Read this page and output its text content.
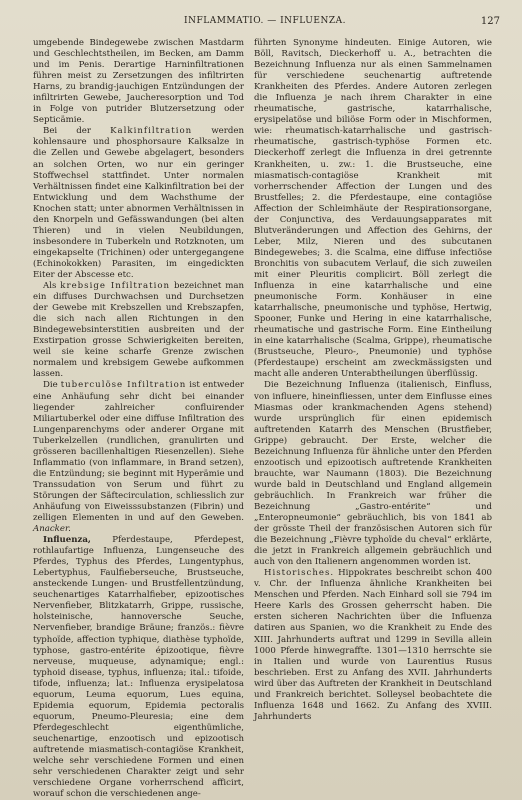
INFLAMMATIO. — INFLUENZA.	127

umgebende Bindegewebe zwischen Mastdarm und Geschlechtstheilen, im Becken, am Damm und im Penis. Derartige Harninfiltrationen führen meist zu Zersetzungen des infiltrirten Harns, zu brandig-jauchigen Entzündungen der infiltrirten Gewebe, Jaucheresorption und Tod in Folge von putrider Blutzersetzung oder Septicämie.

Bei der Kalkinfiltration werden kohlensaure und phosphorsaure Kalksalze in die Zellen und Gewebe abgelagert, besonders an solchen Orten, wo nur ein geringer Stoffwechsel stattfindet. Unter normalen Verhältnissen findet eine Kalkinfiltration bei der Entwicklung und dem Wachsthume der Knochen statt; unter abnormen Verhältnissen in den Knorpeln und Gefässwandungen (bei alten Thieren) und in vielen Neubildungen, insbesondere in Tuberkeln und Rotzknoten, um eingekapselte (Trichinen) oder untergegangene (Echinokokken) Parasiten, im eingedickten Eiter der Abscesse etc.

Als krebsige Infiltration bezeichnet man ein diffuses Durchwachsen und Durchsetzen der Gewebe mit Krebszellen und Krebszapfen, die sich nach allen Richtungen in den Bindegewebsinterstitien ausbreiten und der Exstirpation grosse Schwierigkeiten bereiten, weil sie keine scharfe Grenze zwischen normalem und krebsigem Gewebe aufkommen lassen.

Die tuberculöse Infiltration ist entweder eine Anhäufung sehr dicht bei einander liegender zahlreicher confluirender Miliartuberkel oder eine diffuse Infiltration des Lungenparenchyms oder anderer Organe mit Tuberkelzellen (rundlichen, granulirten und grösseren bacillenhaltigen Riesenzellen). Siehe Inflammatio (von inflammare, in Brand setzen), die Entzündung; sie beginnt mit Hyperämie und Transsudation von Serum und führt zu Störungen der Säftecirculation, schliesslich zur Anhäufung von Eiweisssubstanzen (Fibrin) und zelligen Elementen in und auf den Geweben. Anacker.

Influenza, Pferdestaupe, Pferdepest, rothlaufartige Influenza, Lungenseuche des Pferdes, Typhus des Pferdes, Lungentyphus, Lebertyphus, Faulfieberseuche, Brustseuche, ansteckende Lungen- und Brustfellentzündung, seuchenartiges Katarrhalfieber, epizootisches Nervenfieber, Blitzkatarrh, Grippe, russische, holsteinische, hannoversche Seuche, Nervenfieber, brandige Bräune; französ.: fièvre typhoïde, affection typhique, diathèse typhoïde, typhose, gastro-entérite épizootique, fièvre nerveuse, muqueuse, adynamique; engl.: typhoid disease, typhus, influenza; ital.: tifoide, tifode, influenza; lat.: Influenza erysipelatosa equorum, Leuma equorum, Lues equina, Epidemia equorum, Epidemia pectoralis equorum, Pneumo-Pleuresia; eine dem Pferdegeschlecht eigenthümliche, seuchenartige, enzootisch und epizootisch auftretende miasmatisch-contagiöse Krankheit, welche sehr verschiedene Formen und einen sehr verschiedenen Charakter zeigt und sehr verschiedene Organe vorherrschend afficirt, worauf schon die verschiedenen ange-

führten Synonyme hindeuten. Einige Autoren, wie Böll, Ravitsch, Dieckerhoff u. A., betrachten die Bezeichnung Influenza nur als einen Sammelnamen für verschiedene seuchenartig auftretende Krankheiten des Pferdes. Andere Autoren zerlegen die Influenza je nach ihrem Charakter in eine rheumatische, gastrische, katarrhalische, erysipelatöse und biliöse Form oder in Mischformen, wie: rheumatisch-katarrhalische und gastrisch-rheumatische, gastrisch-typhöse Formen etc. Dieckerhoff zerlegt die Influenza in drei getrennte Krankheiten, u. zw.: 1. die Brustseuche, eine miasmatisch-contagiöse Krankheit mit vorherrschender Affection der Lungen und des Brustfelles; 2. die Pferdestaupe, eine contagiöse Affection der Schleimhäute der Respirationsorgane, der Conjunctiva, des Verdauungsapparates mit Blutveränderungen und Affection des Gehirns, der Leber, Milz, Nieren und des subcutanen Bindegewebes; 3. die Scalma, eine diffuse infectiöse Bronchitis von subacutem Verlauf, die sich zuweilen mit einer Pleuritis complicirt. Böll zerlegt die Influenza in eine katarrhalische und eine pneumonische Form. Konhäuser in eine katarrhalische, pneumonische und typhöse, Hertwig, Spooner, Funke und Hering in eine katarrhalische, rheumatische und gastrische Form. Eine Eintheilung in eine katarrhalische (Scalma, Grippe), rheumatische (Brustseuche, Pleuro-, Pneumonie) und typhöse (Pferdestaupe) erscheint am zweckmässigsten und macht alle anderen Unterabtheilungen überflüssig.

Die Bezeichnung Influenza (italienisch, Einfluss, von influere, hineinfliessen, unter dem Einflusse eines Miasmas oder krankmachenden Agens stehend) wurde ursprünglich für einen epidemisch auftretenden Katarrh des Menschen (Brustfieber, Grippe) gebraucht. Der Erste, welcher die Bezeichnung Influenza für ähnliche unter den Pferden enzootisch und epizootisch auftretende Krankheiten brauchte, war Naumann (1803). Die Bezeichnung wurde bald in Deutschland und England allgemein gebräuchlich. In Frankreich war früher die Bezeichnung „Gastro-entérite“ und „Enteropneumonie“ gebräuchlich, bis von 1841 ab der grösste Theil der französischen Autoren sich für die Bezeichnung „Fièvre typhoïde du cheval“ erklärte, die jetzt in Frankreich allgemein gebräuchlich und auch von den Italienern angenommen worden ist.

Historisches. Hippokrates beschreibt schon 400 v. Chr. der Influenza ähnliche Krankheiten bei Menschen und Pferden. Nach Einhard soll sie 794 im Heere Karls des Grossen geherrscht haben. Die ersten sicheren Nachrichten über die Influenza datiren aus Spanien, wo die Krankheit zu Ende des XIII. Jahrhunderts auftrat und 1299 in Sevilla allein 1000 Pferde hinwegraffte. 1301—1310 herrschte sie in Italien und wurde von Laurentius Rusus beschrieben. Erst zu Anfang des XVII. Jahrhunderts wird über das Auftreten der Krankheit in Deutschland und Frankreich berichtet. Solleysel beobachtete die Influenza 1648 und 1662. Zu Anfang des XVIII. Jahrhunderts
